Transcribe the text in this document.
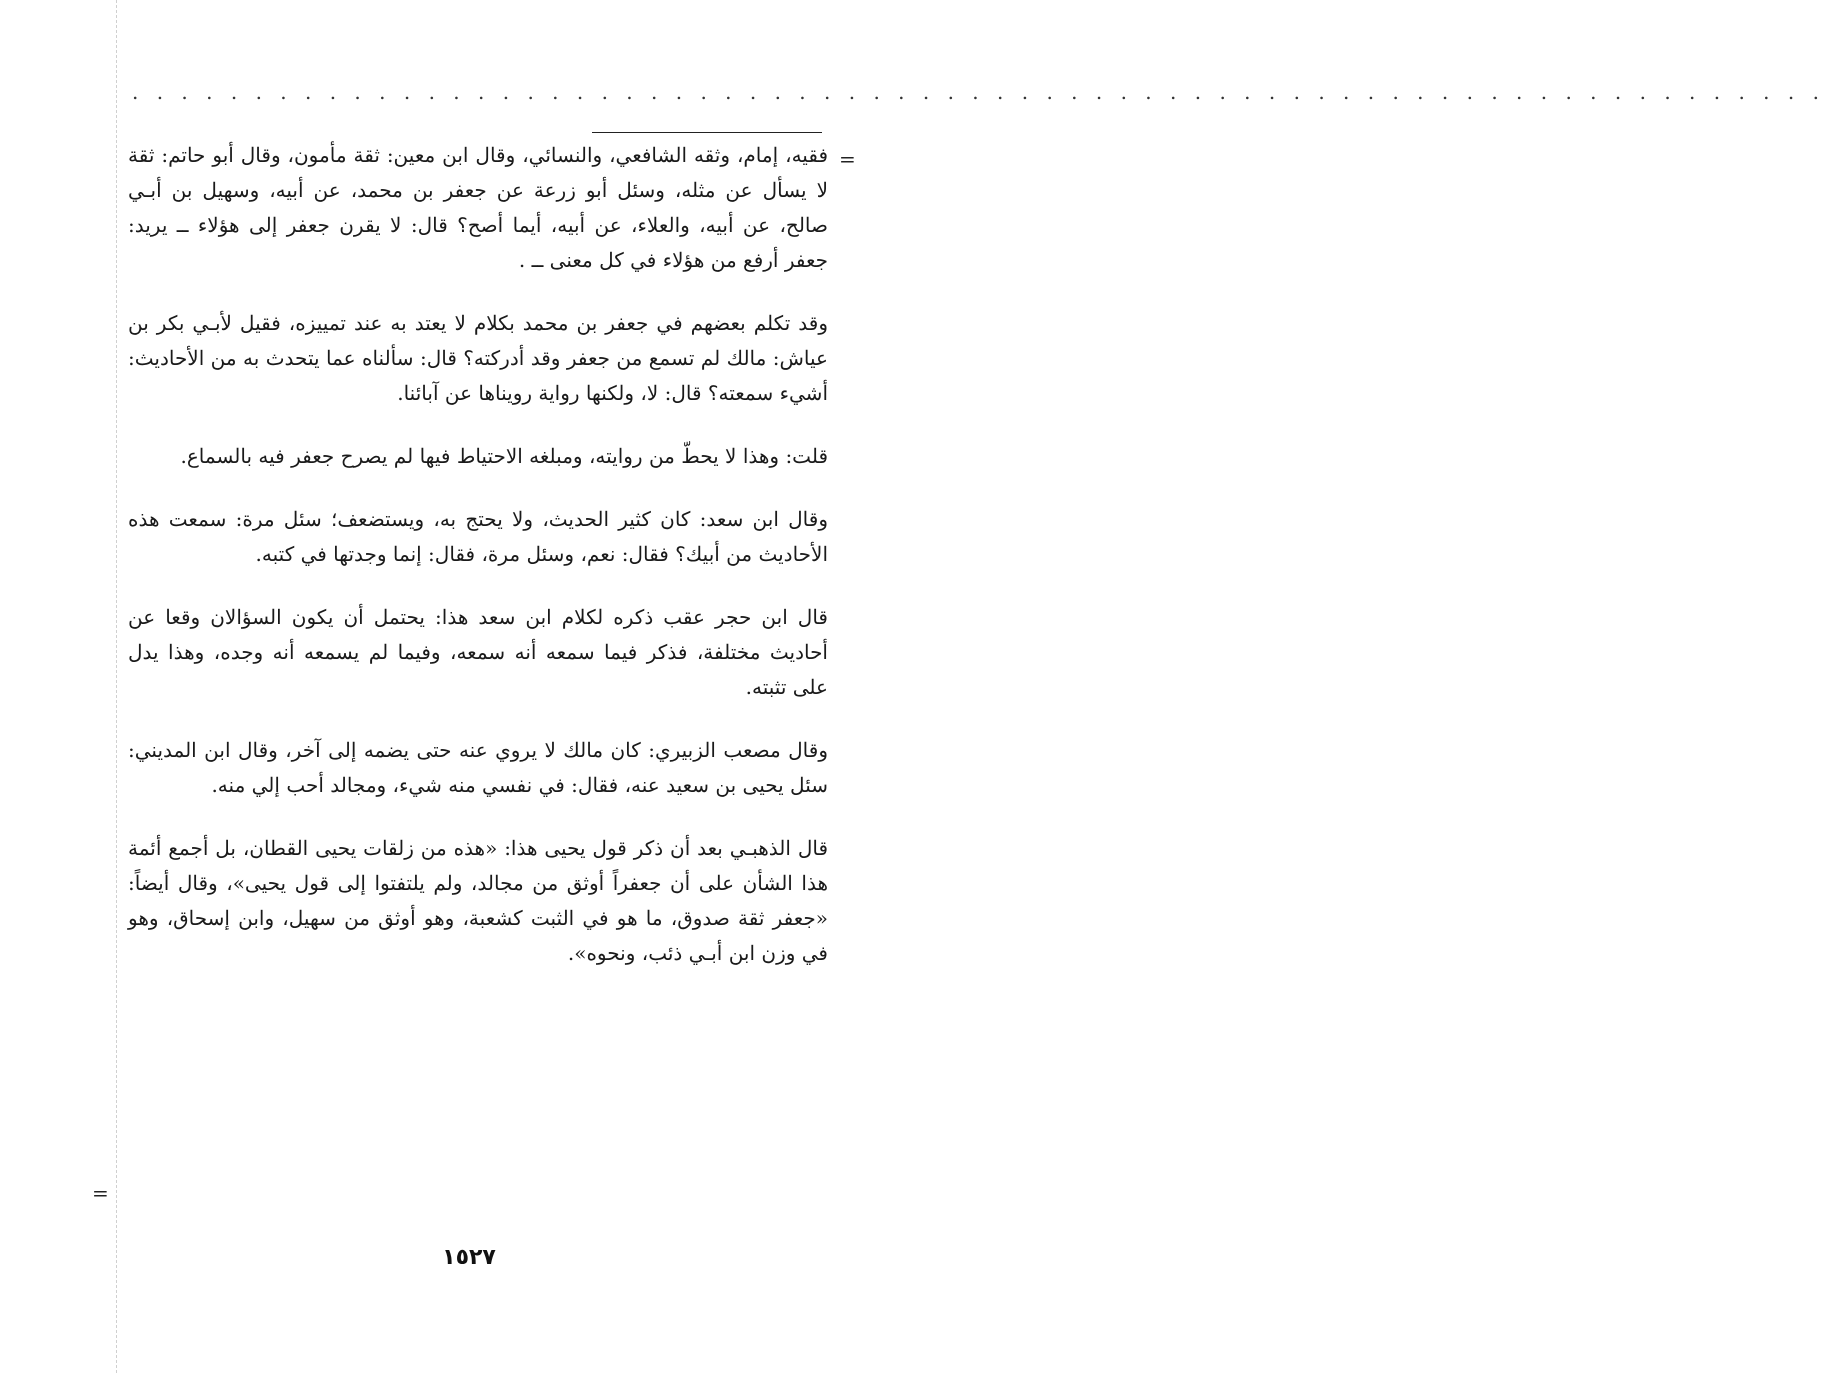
. . . . . . . . . . . . . . . . . . . . . . . . . . . . . . . . . . . . . . . . . . . . . . . . . . . . . . . . . . . . . . . . . . . . .
=
=

فقيه، إمام، وثقه الشافعي، والنسائي، وقال ابن معين: ثقة مأمون، وقال أبو حاتم: ثقة لا يسأل عن مثله، وسئل أبو زرعة عن جعفر بن محمد، عن أبيه، وسهيل بن أبـي صالح، عن أبيه، والعلاء، عن أبيه، أيما أصح؟ قال: لا يقرن جعفر إلى هؤلاء ــ يريد: جعفر أرفع من هؤلاء في كل معنى ــ .

وقد تكلم بعضهم في جعفر بن محمد بكلام لا يعتد به عند تمييزه، فقيل لأبـي بكر بن عياش: مالك لم تسمع من جعفر وقد أدركته؟ قال: سألناه عما يتحدث به من الأحاديث: أشيء سمعته؟ قال: لا، ولكنها رواية رويناها عن آبائنا.

قلت: وهذا لا يحطّ من روايته، ومبلغه الاحتياط فيها لم يصرح جعفر فيه بالسماع.

وقال ابن سعد: كان كثير الحديث، ولا يحتج به، ويستضعف؛ سئل مرة: سمعت هذه الأحاديث من أبيك؟ فقال: نعم، وسئل مرة، فقال: إنما وجدتها في كتبه.

قال ابن حجر عقب ذكره لكلام ابن سعد هذا: يحتمل أن يكون السؤالان وقعا عن أحاديث مختلفة، فذكر فيما سمعه أنه سمعه، وفيما لم يسمعه أنه وجده، وهذا يدل على تثبته.

وقال مصعب الزبيري: كان مالك لا يروي عنه حتى يضمه إلى آخر، وقال ابن المديني: سئل يحيى بن سعيد عنه، فقال: في نفسي منه شيء، ومجالد أحب إلي منه.

قال الذهبـي بعد أن ذكر قول يحيى هذا: «هذه من زلقات يحيى القطان، بل أجمع أئمة هذا الشأن على أن جعفراً أوثق من مجالد، ولم يلتفتوا إلى قول يحيى»، وقال أيضاً: «جعفر ثقة صدوق، ما هو في الثبت كشعبة، وهو أوثق من سهيل، وابن إسحاق، وهو في وزن ابن أبـي ذئب، ونحوه».

١٥٢٧
